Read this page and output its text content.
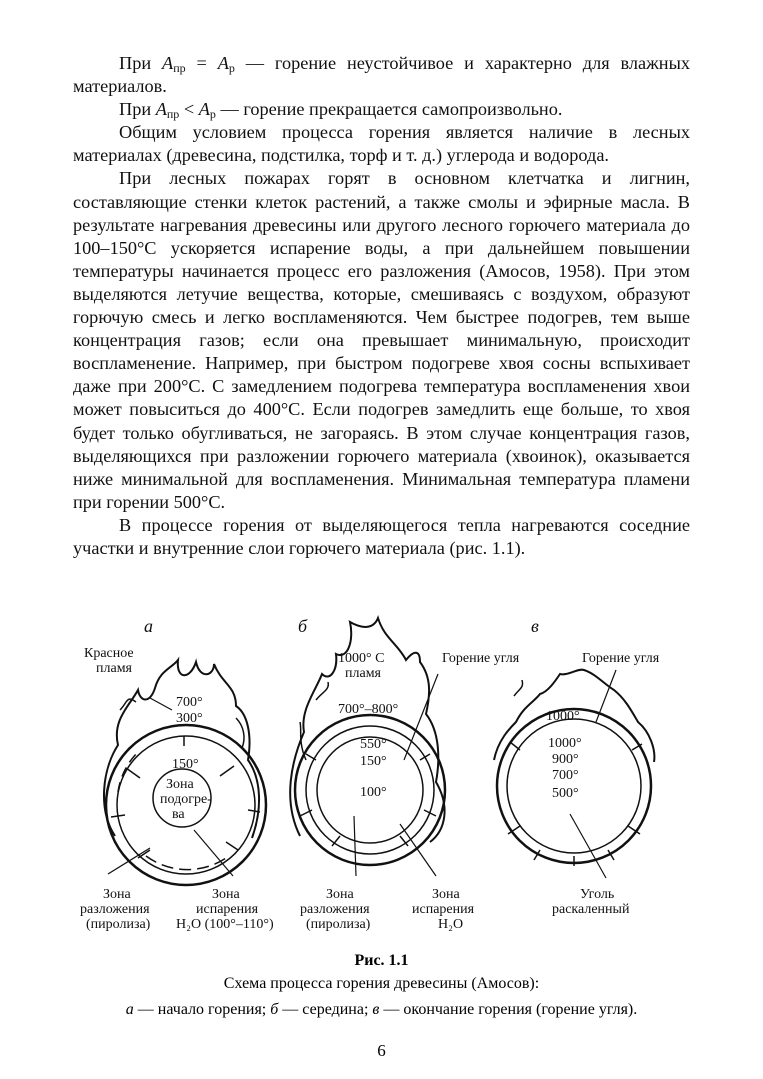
При $A_{пр} = A_р$ — горение неустойчивое и характерно для влажных материалов.

При $A_{пр} < A_р$ — горение прекращается самопроизвольно.

Общим условием процесса горения является наличие в лесных материалах (древесина, подстилка, торф и т. д.) углерода и водорода.

При лесных пожарах горят в основном клетчатка и лигнин, составляющие стенки клеток растений, а также смолы и эфирные масла. В результате нагревания древесины или другого лесного горючего материала до 100–150°С ускоряется испарение воды, а при дальнейшем повышении температуры начинается процесс его разложения (Амосов, 1958). При этом выделяются летучие вещества, которые, смешиваясь с воздухом, образуют горючую смесь и легко воспламеняются. Чем быстрее подогрев, тем выше концентрация газов; если она превышает минимальную, происходит воспламенение. Например, при быстром подогреве хвоя сосны вспыхивает даже при 200°С. С замедлением подогрева температура воспламенения хвои может повыситься до 400°С. Если подогрев замедлить еще больше, то хвоя будет только обугливаться, не загораясь. В этом случае концентрация газов, выделяющихся при разложении горючего материала (хвоинок), оказывается ниже минимальной для воспламенения. Минимальная температура пламени при горении 500°С.

В процессе горения от выделяющегося тепла нагреваются соседние участки и внутренние слои горючего материала (рис. 1.1).

а	б	в
Красное
пламя
700°
300°
150°
Зона
подогре-
ва
Зона
разложения
(пиролиза)
Зона
испарения
H₂O (100°–110°)
1000° С
пламя
700°–800°
550°
150°
100°
Горение угля
Зона
разложения
(пиролиза)
Зона
испарения
H₂O
Горение угля
1000°
1000°
900°
700°
500°
Уголь
раскаленный
Рис. 1.1
Схема процесса горения древесины (Амосов):
а — начало горения; б — середина; в — окончание горения (горение угля).
6
